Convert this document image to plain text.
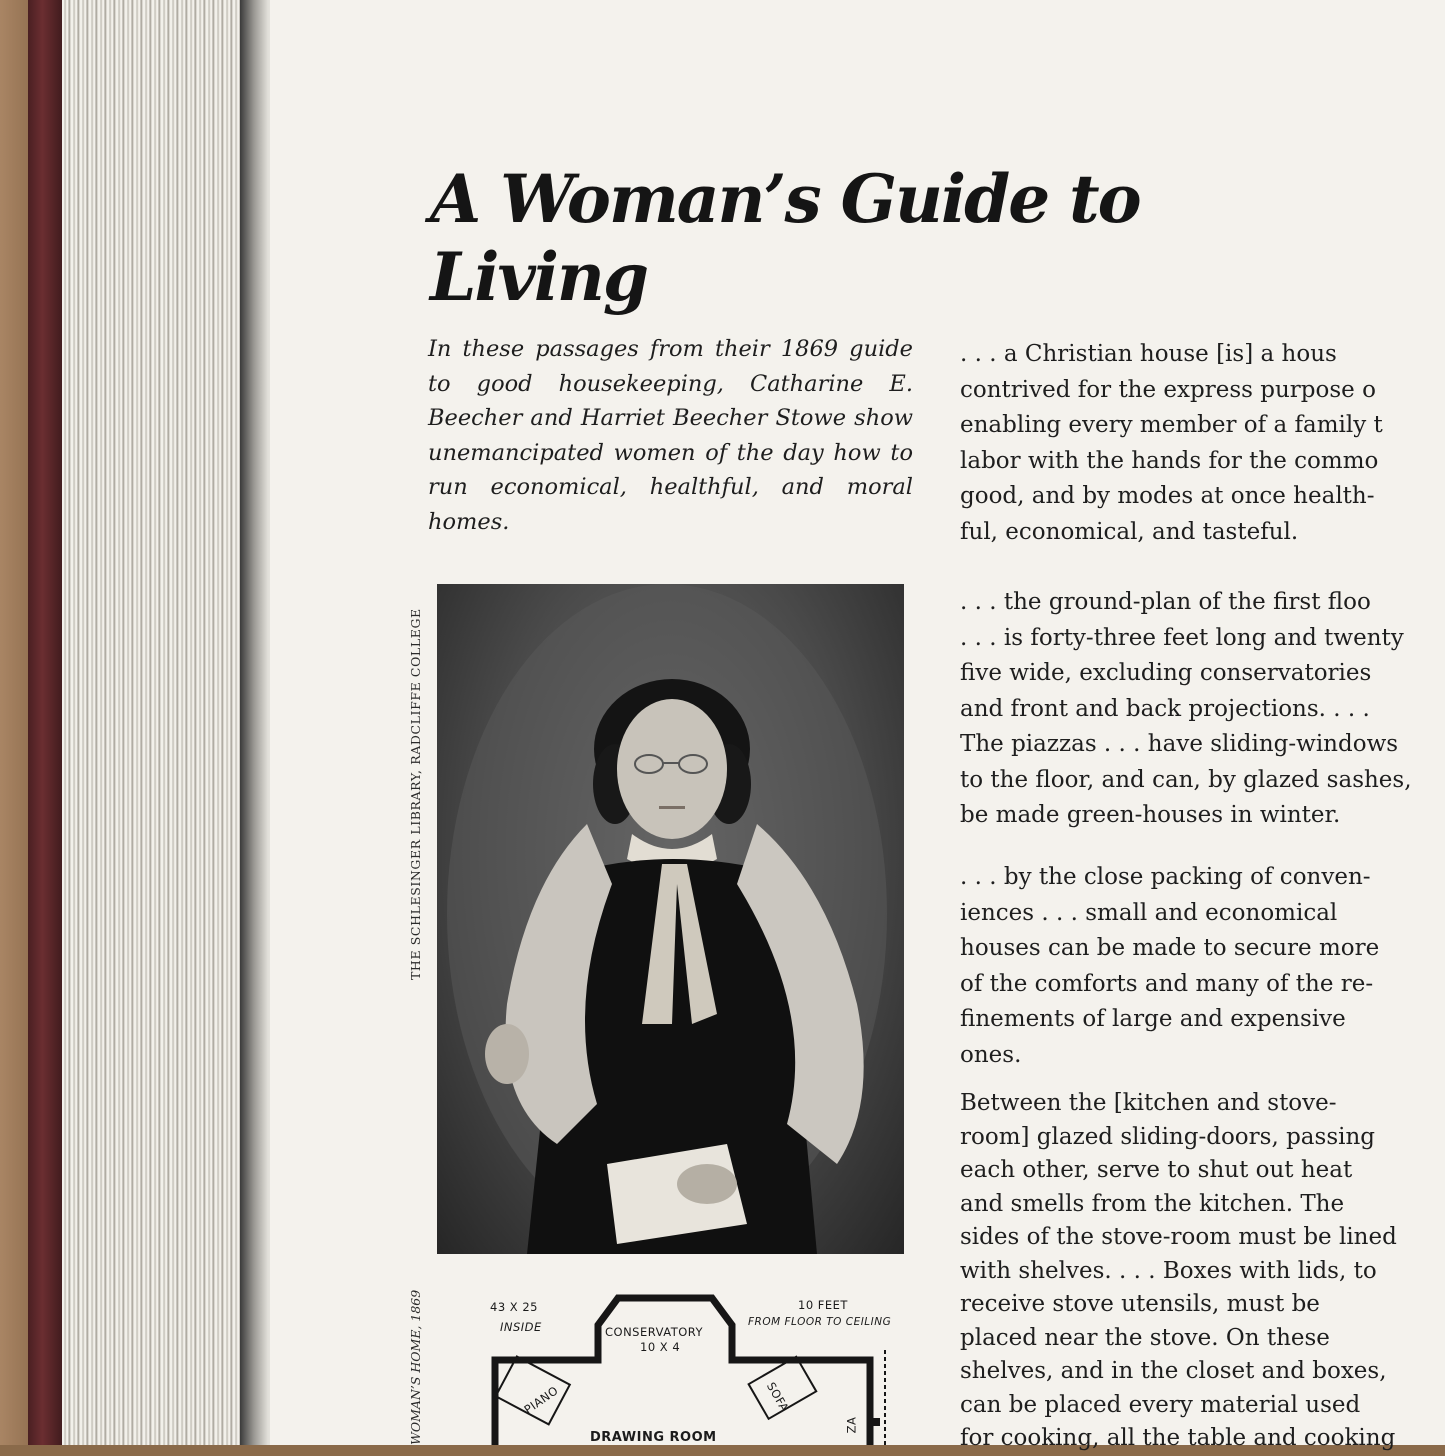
A Woman’s Guide to Living

In these passages from their 1869 guide to good housekeeping, Catharine E. Beecher and Harriet Beecher Stowe show unemancipated women of the day how to run economical, healthful, and moral homes.

. . . a Christian house [is] a hous
contrived for the express purpose o
enabling every member of a family t
labor with the hands for the commo
good, and by modes at once health-
ful, economical, and tasteful.
. . . the ground-plan of the first floo
. . . is forty-three feet long and twenty
five wide, excluding conservatories
and front and back projections. . . .
The piazzas . . . have sliding-windows
to the floor, and can, by glazed sashes,
be made green-houses in winter.
. . . by the close packing of conven-
iences . . . small and economical
houses can be made to secure more
of the comforts and many of the re-
finements of large and expensive
ones.
Between the [kitchen and stove-
room] glazed sliding-doors, passing
each other, serve to shut out heat
and smells from the kitchen. The
sides of the stove-room must be lined
with shelves. . . . Boxes with lids, to
receive stove utensils, must be
placed near the stove. On these
shelves, and in the closet and boxes,
can be placed every material used
for cooking, all the table and cooking
THE SCHLESINGER LIBRARY, RADCLIFFE COLLEGE
WOMAN’S HOME, 1869	43 X 25
INSIDE
10 FEET
FROM FLOOR TO CEILING
CONSERVATORY
10 X 4
PIANO	SOFA
DRAWING ROOM
ZA
